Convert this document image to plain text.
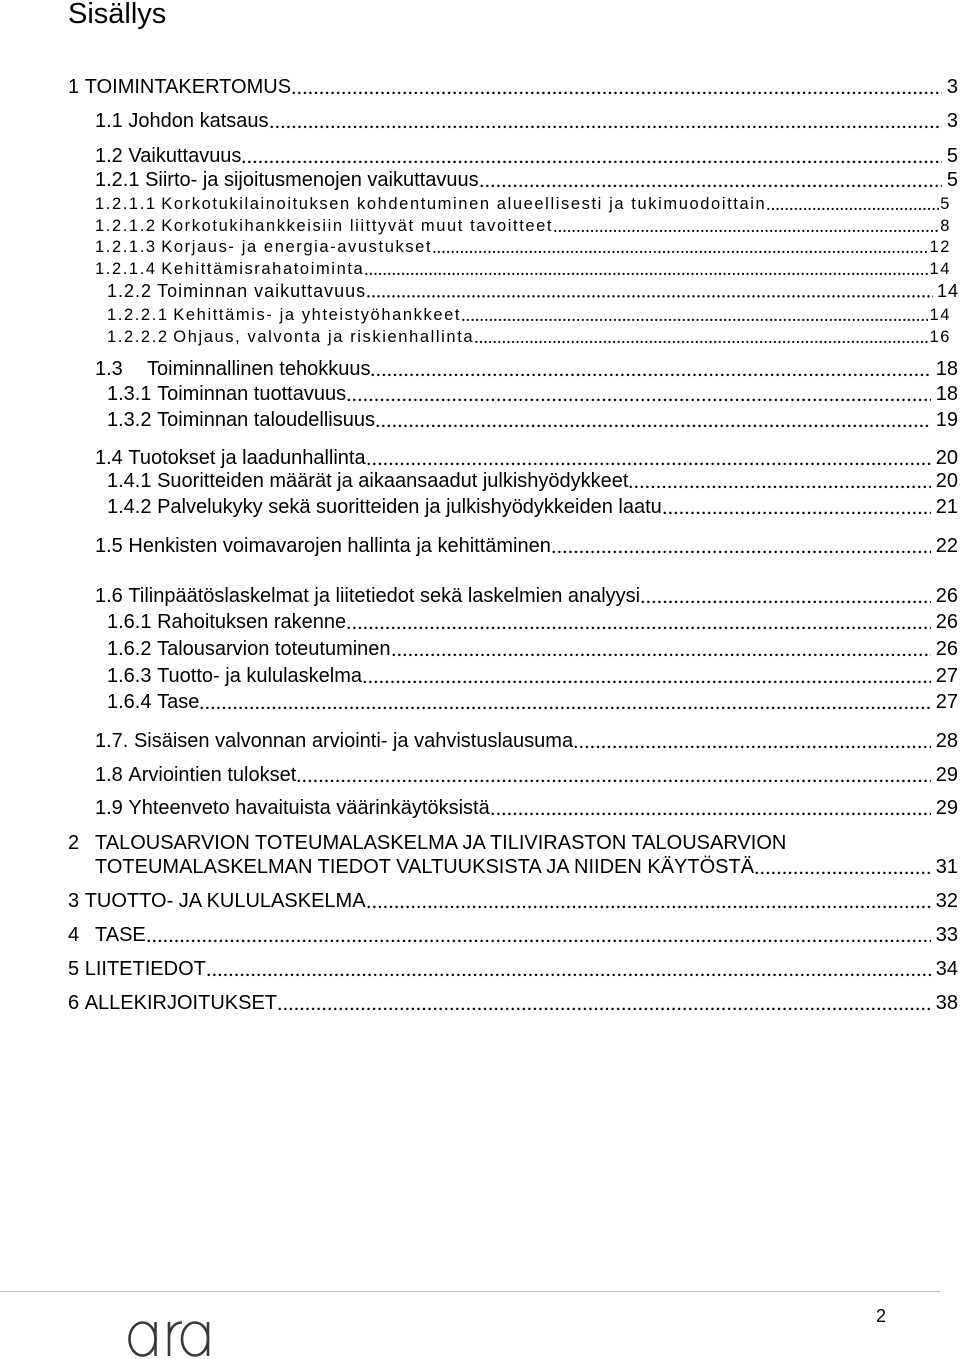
Sisällys
1 TOIMINTAKERTOMUS	3
1.1 Johdon katsaus	3
1.2 Vaikuttavuus	5
1.2.1 Siirto- ja sijoitusmenojen vaikuttavuus	5
1.2.1.1 Korkotukilainoituksen kohdentuminen alueellisesti ja tukimuodoittain	5
1.2.1.2 Korkotukihankkeisiin liittyvät muut tavoitteet	8
1.2.1.3 Korjaus- ja energia-avustukset	12
1.2.1.4 Kehittämisrahatoiminta	14
1.2.2 Toiminnan vaikuttavuus	14
1.2.2.1 Kehittämis- ja yhteistyöhankkeet	14
1.2.2.2 Ohjaus, valvonta ja riskienhallinta	16
1.3	Toiminnallinen tehokkuus	18
1.3.1 Toiminnan tuottavuus	18
1.3.2 Toiminnan taloudellisuus	19
1.4 Tuotokset ja laadunhallinta	20
1.4.1 Suoritteiden määrät ja aikaansaadut julkishyödykkeet	20
1.4.2 Palvelukyky sekä suoritteiden ja julkishyödykkeiden laatu	21
1.5 Henkisten voimavarojen hallinta ja kehittäminen	22
1.6 Tilinpäätöslaskelmat ja liitetiedot sekä laskelmien analyysi	26
1.6.1 Rahoituksen rakenne	26
1.6.2 Talousarvion toteutuminen	26
1.6.3 Tuotto- ja kululaskelma	27
1.6.4 Tase	27
1.7. Sisäisen valvonnan arviointi- ja vahvistuslausuma	28
1.8 Arviointien tulokset	29
1.9 Yhteenveto havaituista väärinkäytöksistä	29
2 TALOUSARVION TOTEUMALASKELMA JA TILIVIRASTON TALOUSARVION
TOTEUMALASKELMAN TIEDOT VALTUUKSISTA JA NIIDEN KÄYTÖSTÄ	31
3 TUOTTO- JA KULULASKELMA	32
4 TASE	33
5 LIITETIEDOT	34
6 ALLEKIRJOITUKSET	38
2
